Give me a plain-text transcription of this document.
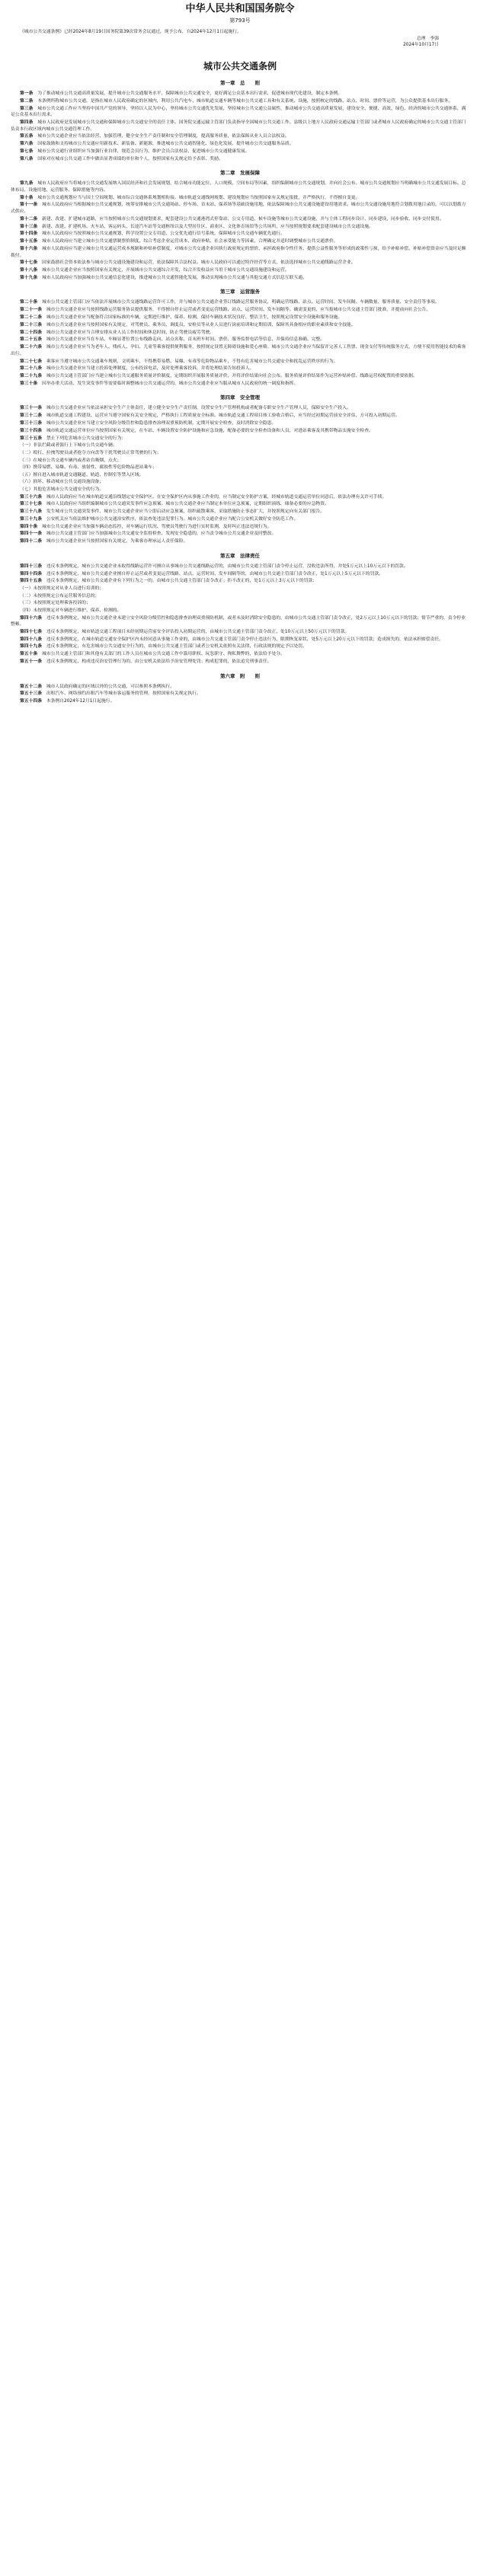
中华人民共和国国务院令
第793号
《城市公共交通条例》已经2024年8月19日国务院第39次常务会议通过，现予公布，自2024年12月1日起施行。
总理　 李强
2024年10月17日
城市公共交通条例
第一章　总　　则

第一条　 为了推动城市公共交通高质量发展，提升城市公共交通服务水平，保障城市公共交通安全，更好满足公众基本出行需求，促进城市现代化建设，制定本条例。

第二条　 本条例所称城市公共交通，是指在城市人民政府确定的区域内，利用公共汽电车、城市轨道交通车辆等城市公共交通工具和有关系统、设施，按照核定的线路、站点、时间、票价等运营，为公众提供基本出行服务。

第三条　 城市公共交通工作应当坚持中国共产党的领导，坚持以人民为中心，坚持城市公共交通优先发展，坚持城市公共交通公益属性，推动城市公共交通高质量发展，建设安全、便捷、高效、绿色、经济的城市公共交通体系，满足公众基本出行需求。

第四条　 城市人民政府是发展城市公共交通和保障城市公共交通安全的责任主体。国务院交通运输主管部门负责指导全国城市公共交通工作。县级以上地方人民政府交通运输主管部门或者城市人民政府确定的城市公共交通主管部门负责本行政区域内城市公共交通管理工作。

第五条　 城市公共交通企业应当依法经营，加强管理，健全安全生产责任制和安全管理制度，提高服务质量，依法保障从业人员合法权益。

第六条　 国家鼓励和支持城市公共交通应用新技术、新装备、新能源，推进城市公共交通智能化、绿色化发展，提升城市公共交通服务品质。

第七条　 城市公共交通行业组织应当加强行业自律，规范会员行为，维护会员合法权益，促进城市公共交通健康发展。

第八条　 国家对在城市公共交通工作中做出显著成绩的单位和个人，按照国家有关规定给予表彰、奖励。

第二章　发展保障

第九条　 城市人民政府应当将城市公共交通发展纳入国民经济和社会发展规划，结合城市功能定位、人口规模、空间布局等因素，组织编制城市公共交通规划，并向社会公布。城市公共交通规划应当明确城市公共交通发展目标、总体布局、设施用地、运营服务、保障措施等内容。

第十条　 城市公共交通规划应当与国土空间规划、城市综合交通体系规划相衔接。城市轨道交通线网规划、建设规划应当按照国家有关规定报批，并严格执行，不得擅自变更。

第十一条　 城市人民政府应当根据城市公共交通规划，统筹安排城市公共交通场站、停车场、首末站、保养场等基础设施用地，依法保障城市公共交通设施建设用地需求。城市公共交通设施用地符合划拨用地目录的，可以以划拨方式供应。

第十二条　 新建、改建、扩建城市道路，应当按照城市公共交通规划要求，配套建设公共交通港湾式停靠站、公交专用道、候车设施等城市公共交通设施，并与主体工程同步设计、同步建设、同步验收、同步交付使用。

第十三条　 新建、改建、扩建机场、火车站、客运码头、长途汽车站等交通枢纽以及大型居住区、商业区、文化体育场馆等公共场所，应当按照规划要求配套建设城市公共交通设施。

第十四条　 城市人民政府应当按照城市公共交通规划，科学设置公交专用道、公交优先通行信号系统，保障城市公共交通车辆优先通行。

第十五条　 城市人民政府应当建立城市公共交通票制票价制度，综合考虑企业运营成本、政府补贴、社会承受能力等因素，合理确定并适时调整城市公共交通票价。

第十六条　 城市人民政府应当建立城市公共交通运营成本规制和补贴补偿制度，对城市公共交通企业因执行政府规定的票价、承担政府指令性任务、提供公益性服务等形成的政策性亏损，给予补贴补偿。补贴补偿资金应当及时足额拨付。

第十七条　 国家鼓励社会资本依法参与城市公共交通设施建设和运营，依法保障其合法权益。城市人民政府可以通过特许经营等方式，依法选择城市公共交通线路运营企业。

第十八条　 城市公共交通企业应当按照国家有关规定，开展城市公共交通综合开发，综合开发收益应当用于城市公共交通设施建设和运营。

第十九条　 城市人民政府应当加强城市公共交通信息化建设，推进城市公共交通智能化发展，推动实现城市公共交通与其他交通方式信息互联互通。

第三章　运营服务

第二十条　 城市公共交通主管部门应当依法开展城市公共交通线路运营许可工作，并与城市公共交通企业签订线路运营服务协议，明确运营线路、站点、运营时间、发车间隔、车辆数量、服务质量、安全责任等事项。

第二十一条　 城市公共交通企业应当按照线路运营服务协议提供服务，不得擅自停止运营或者变更运营线路、站点、运营时间、发车间隔等。确需变更的，应当报城市公共交通主管部门批准，并提前向社会公告。

第二十二条　 城市公共交通企业应当配备符合国家标准的车辆，定期进行维护、保养、检测，保持车辆技术状况良好、整洁卫生，按照规定设置安全设施和服务设施。

第二十三条　 城市公共交通企业应当按照国家有关规定，对驾驶员、乘务员、调度员、安检员等从业人员进行岗前培训和定期培训，保障其具备相应的职业素质和安全技能。

第二十四条　 城市公共交通企业应当合理安排从业人员工作时间和休息时间，防止驾驶员疲劳驾驶。

第二十五条　 城市公共交通企业应当在车站、车厢显著位置公布线路走向、站点名称、首末班车时间、票价、服务监督电话等信息，并保持信息准确、完整。

第二十六条　 城市公共交通企业应当为老年人、残疾人、孕妇、儿童等乘客提供便利服务，按照规定设置无障碍设施和爱心座椅。城市公共交通企业应当保留并完善人工售票、现金支付等传统服务方式，方便不使用智能技术的乘客出行。

第二十七条　 乘客应当遵守城市公共交通乘车规则，文明乘车，不得携带易燃、易爆、有毒等危险物品乘车，不得有危害城市公共交通安全和扰乱运营秩序的行为。

第二十八条　 城市公共交通企业应当建立投诉处理制度，公布投诉电话，及时处理乘客投诉，并将处理结果告知投诉人。

第二十九条　 城市公共交通主管部门应当建立城市公共交通服务质量评价制度，定期组织开展服务质量评价，并将评价结果向社会公布。服务质量评价结果作为运营补贴补偿、线路运营权配置的重要依据。

第三十条　 因举办重大活动、发生突发事件等需要临时调整城市公共交通运营的，城市公共交通企业应当服从城市人民政府的统一调度和指挥。

第四章　安全管理

第三十一条　 城市公共交通企业应当依法承担安全生产主体责任，建立健全安全生产责任制，设置安全生产管理机构或者配备专职安全生产管理人员，保障安全生产投入。

第三十二条　 城市轨道交通工程建设、运营应当遵守国家有关安全规定，严格执行工程质量安全标准。城市轨道交通工程项目竣工验收合格后，应当经过初期运营前安全评估，方可投入初期运营。

第三十三条　 城市公共交通企业应当建立安全风险分级管控和隐患排查治理双重预防机制，定期开展安全检查，及时消除安全隐患。

第三十四条　 城市轨道交通运营单位应当按照国家有关规定，在车站、车辆设置安全防护设施和应急设施，配备必要的安全检查设备和人员，对进站乘客及其携带物品实施安全检查。

第三十五条　 禁止下列危害城市公共交通安全的行为：

（一）非法拦截或者强行上下城市公共交通车辆；

（二）殴打、拉拽驾驶员或者抢夺方向盘等干扰驾驶员正常驾驶的行为；

（三）在城市公共交通车辆内或者站台吸烟、点火；

（四）携带易燃、易爆、有毒、放射性、腐蚀性等危险物品进站乘车；

（五）擅自进入城市轨道交通隧道、轨道、控制室等禁入区域；

（六）损坏、移动城市公共交通设施设备；

（七）其他危害城市公共交通安全的行为。

第三十六条　 城市人民政府应当在城市轨道交通沿线划定安全保护区。在安全保护区内从事施工作业的，应当制定安全防护方案，经城市轨道交通运营单位同意后，依法办理有关许可手续。

第三十七条　 城市人民政府应当组织编制城市公共交通突发事件应急预案。城市公共交通企业应当制定本单位应急预案，定期组织演练，储备必要的应急物资。

第三十八条　 发生城市公共交通突发事件，城市公共交通企业应当立即启动应急预案，组织疏散乘客，采取措施防止事态扩大，并按照规定向有关部门报告。

第三十九条　 公安机关应当依法维护城市公共交通治安秩序，依法查处违法犯罪行为。城市公共交通企业应当配合公安机关做好安全防范工作。

第四十条　 城市公共交通企业应当加强车辆动态监控，对车辆运行状况、驾驶员驾驶行为进行实时监测，及时纠正违法违规行为。

第四十一条　 城市公共交通主管部门应当加强城市公共交通安全监督检查，发现安全隐患的，应当责令城市公共交通企业及时整改。

第四十二条　 城市公共交通企业应当按照国家有关规定，为乘客办理承运人责任保险。

第五章　法律责任

第四十三条　 违反本条例规定，城市公共交通企业未取得线路运营许可擅自从事城市公共交通线路运营的，由城市公共交通主管部门责令停止运营，没收违法所得，并处5万元以上10万元以下的罚款。

第四十四条　 违反本条例规定，城市公共交通企业擅自停止运营或者变更运营线路、站点、运营时间、发车间隔等的，由城市公共交通主管部门责令改正，处1万元以上5万元以下的罚款。

第四十五条　 违反本条例规定，城市公共交通企业有下列行为之一的，由城市公共交通主管部门责令改正；拒不改正的，处1万元以上3万元以下的罚款：

（一）未按照规定对从业人员进行培训的；

（二）未按照规定公布运营服务信息的；

（三）未按照规定处理乘客投诉的；

（四）未按照规定对车辆进行维护、保养、检测的。

第四十六条　 违反本条例规定，城市公共交通企业未建立安全风险分级管控和隐患排查治理双重预防机制，或者未及时消除安全隐患的，由城市公共交通主管部门责令改正，处2万元以上10万元以下的罚款；情节严重的，责令停业整顿。

第四十七条　 违反本条例规定，城市轨道交通工程项目未经初期运营前安全评估投入初期运营的，由城市公共交通主管部门责令改正，处10万元以上50万元以下的罚款。

第四十八条　 违反本条例规定，在城市轨道交通安全保护区内未经同意从事施工作业的，由城市公共交通主管部门责令停止违法行为，限期恢复原状，处5万元以上20万元以下的罚款；造成损失的，依法承担赔偿责任。

第四十九条　 违反本条例规定，有危害城市公共交通安全行为的，由城市公共交通主管部门或者公安机关依照有关法律、行政法规的规定予以处罚。

第五十条　 城市公共交通主管部门和其他有关部门的工作人员在城市公共交通工作中滥用职权、玩忽职守、徇私舞弊的，依法给予处分。

第五十一条　 违反本条例规定，构成违反治安管理行为的，由公安机关依法给予治安管理处罚；构成犯罪的，依法追究刑事责任。

第六章　附　　则

第五十二条　 城市人民政府确定的区域以外的公共交通，可以参照本条例执行。

第五十三条　 出租汽车、网络预约出租汽车等城市客运服务的管理，按照国家有关规定执行。

第五十四条　 本条例自2024年12月1日起施行。
